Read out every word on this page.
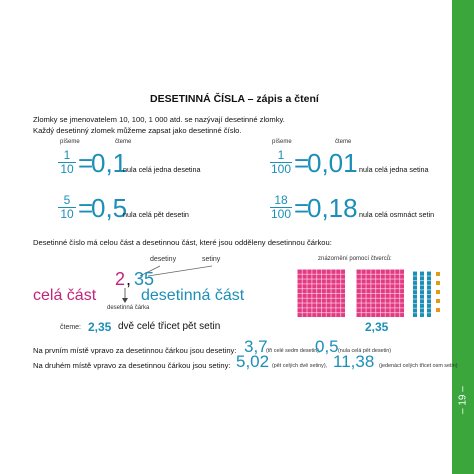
– 19 –
DESETINNÁ ČÍSLA – zápis a čtení
Zlomky se jmenovatelem 10, 100, 1 000 atd. se nazývají desetinné zlomky.
Každý desetinný zlomek můžeme zapsat jako desetinné číslo.
píšeme	čteme	píšeme	čteme
$\frac{1}{10}$ =
0,1
nula celá jedna desetina
$\frac{5}{10}$ =
0,5
nula celá pět desetin
$\frac{1}{100}$ =
0,01 nula celá jedna setina
$\frac{18}{100}$ =
0,18 nula celá osmnáct setin
Desetinné číslo má celou část a desetinnou část, které jsou odděleny desetinnou čárkou:
desetiny	setiny
2 , 35
celá část	desetinná část
desetinná čárka
čteme: 2,35 dvě celé třicet pět setin
znázornění pomocí čtverců:
2,35
Na prvním místě vpravo za desetinnou čárkou jsou desetiny: 3,7
(tři celé sedm desetin),
0,5 (nula celá pět desetin)
Na druhém místě vpravo za desetinnou čárkou jsou setiny: 5,02 (pět celých dvě setiny), 11,38 (jedenáct celých třicet osm setin)
